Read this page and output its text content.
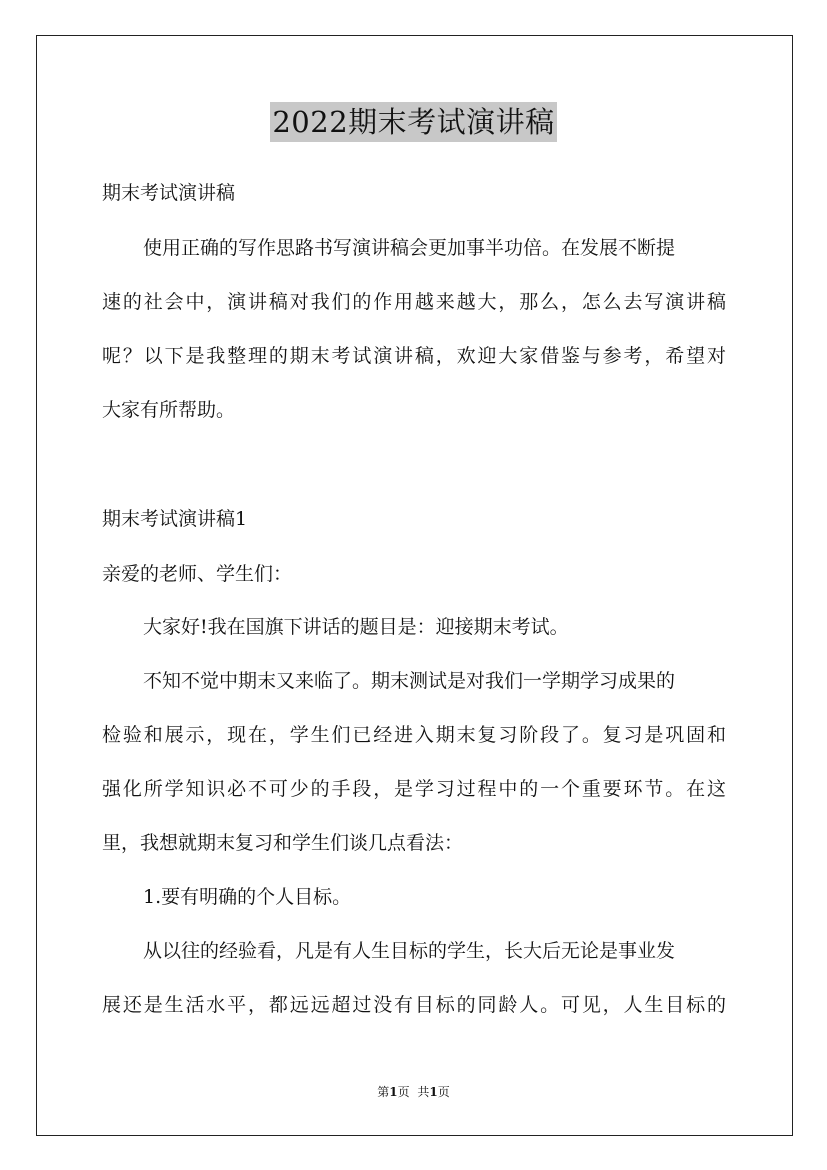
2022期末考试演讲稿
期末考试演讲稿
使用正确的写作思路书写演讲稿会更加事半功倍。在发展不断提
速的社会中，演讲稿对我们的作用越来越大，那么，怎么去写演讲稿
呢？以下是我整理的期末考试演讲稿，欢迎大家借鉴与参考，希望对
大家有所帮助。
期末考试演讲稿1
亲爱的老师、学生们：
大家好!我在国旗下讲话的题目是：迎接期末考试。
不知不觉中期末又来临了。期末测试是对我们一学期学习成果的
检验和展示，现在，学生们已经进入期末复习阶段了。复习是巩固和
强化所学知识必不可少的手段，是学习过程中的一个重要环节。在这
里，我想就期末复习和学生们谈几点看法：
1.要有明确的个人目标。
从以往的经验看，凡是有人生目标的学生，长大后无论是事业发
展还是生活水平，都远远超过没有目标的同龄人。可见，人生目标的
第1页 共1页
